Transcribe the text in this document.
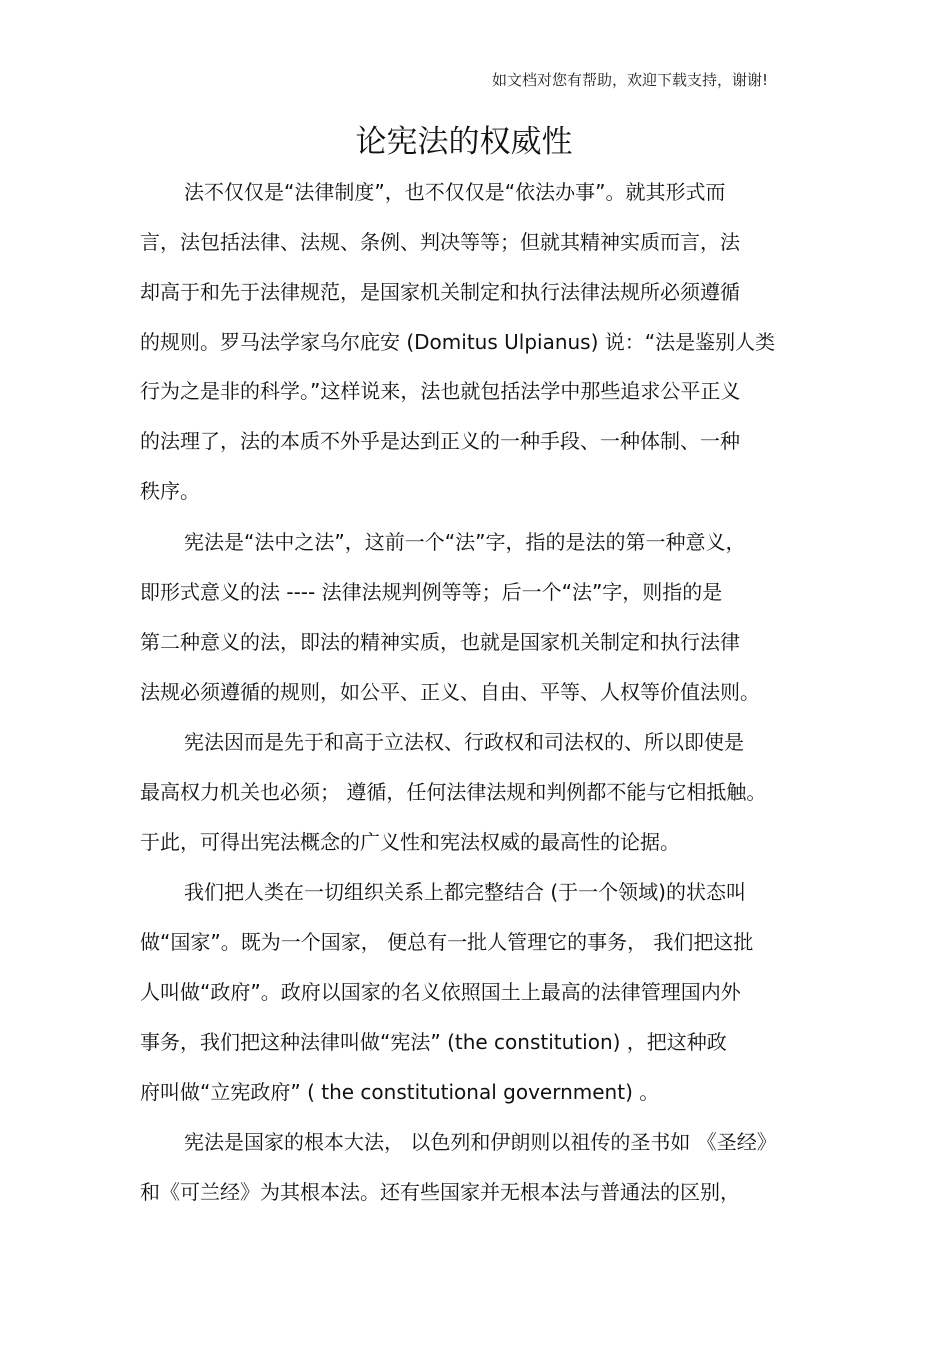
如文档对您有帮助，欢迎下载支持，谢谢!
论宪法的权威性
法不仅仅是“法律制度”，也不仅仅是“依法办事”。就其形式而
言，法包括法律、法规、条例、判决等等；但就其精神实质而言，法
却高于和先于法律规范，是国家机关制定和执行法律法规所必须遵循
的规则。罗马法学家乌尔庇安 (Domitus Ulpianus) 说：“法是鉴别人类
行为之是非的科学。”这样说来，法也就包括法学中那些追求公平正义
的法理了，法的本质不外乎是达到正义的一种手段、一种体制、一种
秩序。
宪法是“法中之法”，这前一个“法”字，指的是法的第一种意义，
即形式意义的法 ---- 法律法规判例等等；后一个“法”字，则指的是
第二种意义的法，即法的精神实质，也就是国家机关制定和执行法律
法规必须遵循的规则，如公平、正义、自由、平等、人权等价值法则。
宪法因而是先于和高于立法权、行政权和司法权的、所以即使是
最高权力机关也必须； 遵循，任何法律法规和判例都不能与它相抵触。
于此，可得出宪法概念的广义性和宪法权威的最高性的论据。
我们把人类在一切组织关系上都完整结合 (于一个领域)的状态叫
做“国家”。既为一个国家， 便总有一批人管理它的事务， 我们把这批
人叫做“政府”。政府以国家的名义依照国土上最高的法律管理国内外
事务，我们把这种法律叫做“宪法” (the constitution) ，把这种政
府叫做“立宪政府” ( the constitutional government) 。
宪法是国家的根本大法， 以色列和伊朗则以祖传的圣书如 《圣经》
和《可兰经》为其根本法。还有些国家并无根本法与普通法的区别，
